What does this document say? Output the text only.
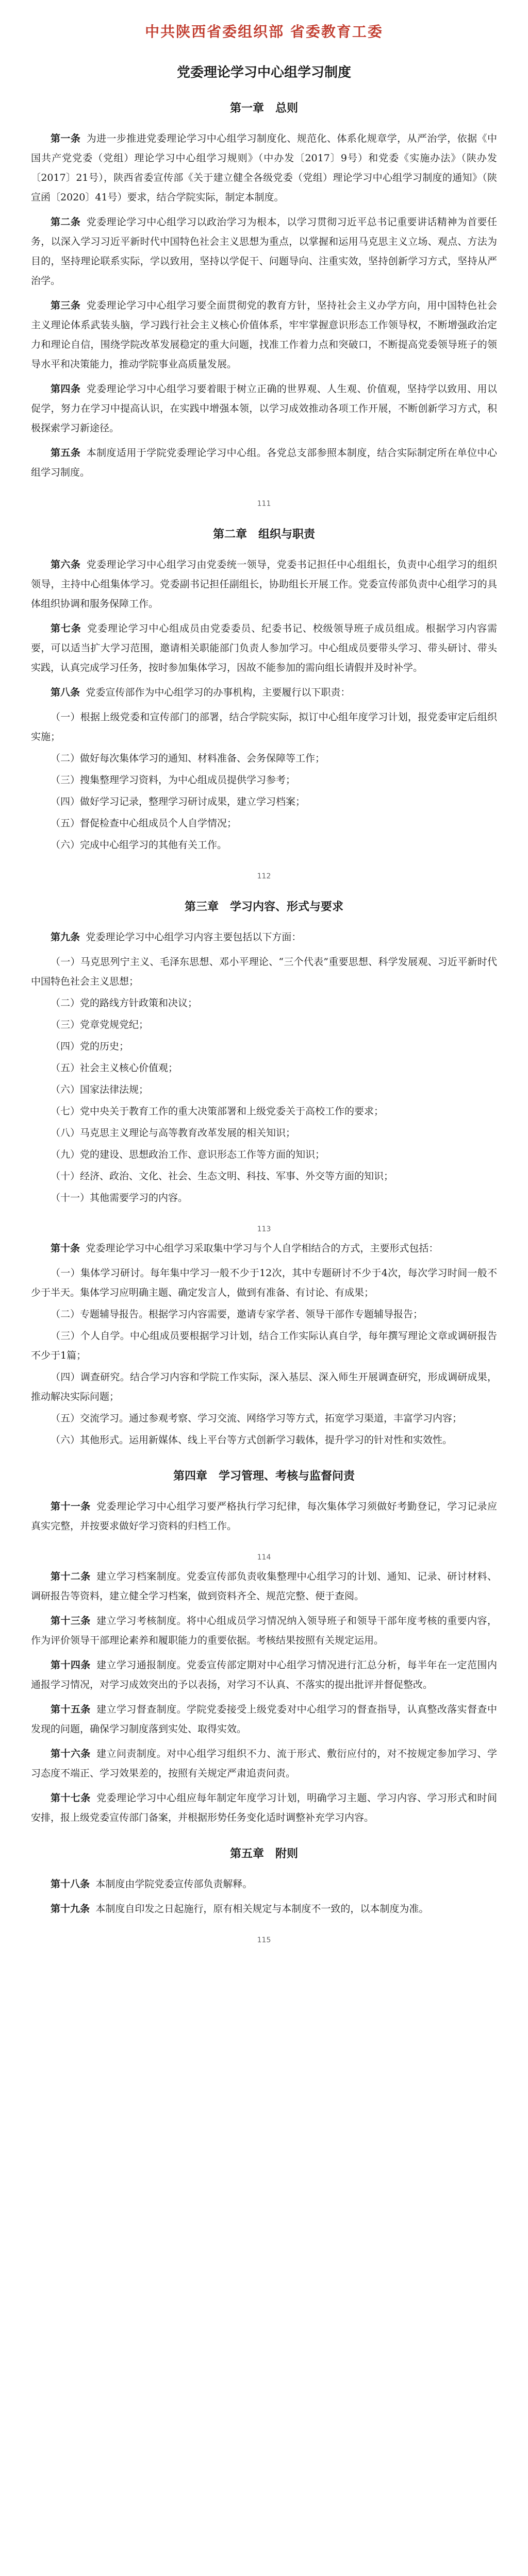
中共陕西省委组织部 省委教育工委
党委理论学习中心组学习制度
第一章　总则

第一条 为进一步推进党委理论学习中心组学习制度化、规范化、体系化规章学，从严治学，依据《中国共产党党委（党组）理论学习中心组学习规则》（中办发〔2017〕9号）和党委《实施办法》（陕办发〔2017〕21号），陕西省委宣传部《关于建立健全各级党委（党组）理论学习中心组学习制度的通知》（陕宣函〔2020〕41号）要求，结合学院实际，制定本制度。

第二条 党委理论学习中心组学习以政治学习为根本，以学习贯彻习近平总书记重要讲话精神为首要任务，以深入学习习近平新时代中国特色社会主义思想为重点，以掌握和运用马克思主义立场、观点、方法为目的，坚持理论联系实际，学以致用，坚持以学促干、问题导向、注重实效，坚持创新学习方式，坚持从严治学。

第三条 党委理论学习中心组学习要全面贯彻党的教育方针，坚持社会主义办学方向，用中国特色社会主义理论体系武装头脑，学习践行社会主义核心价值体系，牢牢掌握意识形态工作领导权，不断增强政治定力和理论自信，围绕学院改革发展稳定的重大问题，找准工作着力点和突破口，不断提高党委领导班子的领导水平和决策能力，推动学院事业高质量发展。

第四条 党委理论学习中心组学习要着眼于树立正确的世界观、人生观、价值观，坚持学以致用、用以促学，努力在学习中提高认识，在实践中增强本领，以学习成效推动各项工作开展，不断创新学习方式，积极探索学习新途径。

第五条 本制度适用于学院党委理论学习中心组。各党总支部参照本制度，结合实际制定所在单位中心组学习制度。

111
第二章　组织与职责

第六条 党委理论学习中心组学习由党委统一领导，党委书记担任中心组组长，负责中心组学习的组织领导，主持中心组集体学习。党委副书记担任副组长，协助组长开展工作。党委宣传部负责中心组学习的具体组织协调和服务保障工作。

第七条 党委理论学习中心组成员由党委委员、纪委书记、校级领导班子成员组成。根据学习内容需要，可以适当扩大学习范围，邀请相关职能部门负责人参加学习。中心组成员要带头学习、带头研讨、带头实践，认真完成学习任务，按时参加集体学习，因故不能参加的需向组长请假并及时补学。

第八条 党委宣传部作为中心组学习的办事机构，主要履行以下职责：

（一）根据上级党委和宣传部门的部署，结合学院实际，拟订中心组年度学习计划，报党委审定后组织实施；

（二）做好每次集体学习的通知、材料准备、会务保障等工作；

（三）搜集整理学习资料，为中心组成员提供学习参考；

（四）做好学习记录，整理学习研讨成果，建立学习档案；

（五）督促检查中心组成员个人自学情况；

（六）完成中心组学习的其他有关工作。

112
第三章　学习内容、形式与要求

第九条 党委理论学习中心组学习内容主要包括以下方面：

（一）马克思列宁主义、毛泽东思想、邓小平理论、“三个代表”重要思想、科学发展观、习近平新时代中国特色社会主义思想；

（二）党的路线方针政策和决议；

（三）党章党规党纪；

（四）党的历史；

（五）社会主义核心价值观；

（六）国家法律法规；

（七）党中央关于教育工作的重大决策部署和上级党委关于高校工作的要求；

（八）马克思主义理论与高等教育改革发展的相关知识；

（九）党的建设、思想政治工作、意识形态工作等方面的知识；

（十）经济、政治、文化、社会、生态文明、科技、军事、外交等方面的知识；

（十一）其他需要学习的内容。

113

第十条 党委理论学习中心组学习采取集中学习与个人自学相结合的方式，主要形式包括：

（一）集体学习研讨。每年集中学习一般不少于12次，其中专题研讨不少于4次，每次学习时间一般不少于半天。集体学习应明确主题、确定发言人，做到有准备、有讨论、有成果；

（二）专题辅导报告。根据学习内容需要，邀请专家学者、领导干部作专题辅导报告；

（三）个人自学。中心组成员要根据学习计划，结合工作实际认真自学，每年撰写理论文章或调研报告不少于1篇；

（四）调查研究。结合学习内容和学院工作实际，深入基层、深入师生开展调查研究，形成调研成果，推动解决实际问题；

（五）交流学习。通过参观考察、学习交流、网络学习等方式，拓宽学习渠道，丰富学习内容；

（六）其他形式。运用新媒体、线上平台等方式创新学习载体，提升学习的针对性和实效性。

第四章　学习管理、考核与监督问责

第十一条 党委理论学习中心组学习要严格执行学习纪律，每次集体学习须做好考勤登记，学习记录应真实完整，并按要求做好学习资料的归档工作。

114

第十二条 建立学习档案制度。党委宣传部负责收集整理中心组学习的计划、通知、记录、研讨材料、调研报告等资料，建立健全学习档案，做到资料齐全、规范完整、便于查阅。

第十三条 建立学习考核制度。将中心组成员学习情况纳入领导班子和领导干部年度考核的重要内容，作为评价领导干部理论素养和履职能力的重要依据。考核结果按照有关规定运用。

第十四条 建立学习通报制度。党委宣传部定期对中心组学习情况进行汇总分析，每半年在一定范围内通报学习情况，对学习成效突出的予以表扬，对学习不认真、不落实的提出批评并督促整改。

第十五条 建立学习督查制度。学院党委接受上级党委对中心组学习的督查指导，认真整改落实督查中发现的问题，确保学习制度落到实处、取得实效。

第十六条 建立问责制度。对中心组学习组织不力、流于形式、敷衍应付的，对不按规定参加学习、学习态度不端正、学习效果差的，按照有关规定严肃追责问责。

第十七条 党委理论学习中心组应每年制定年度学习计划，明确学习主题、学习内容、学习形式和时间安排，报上级党委宣传部门备案，并根据形势任务变化适时调整补充学习内容。

第五章　附则

第十八条 本制度由学院党委宣传部负责解释。

第十九条 本制度自印发之日起施行，原有相关规定与本制度不一致的，以本制度为准。

115
